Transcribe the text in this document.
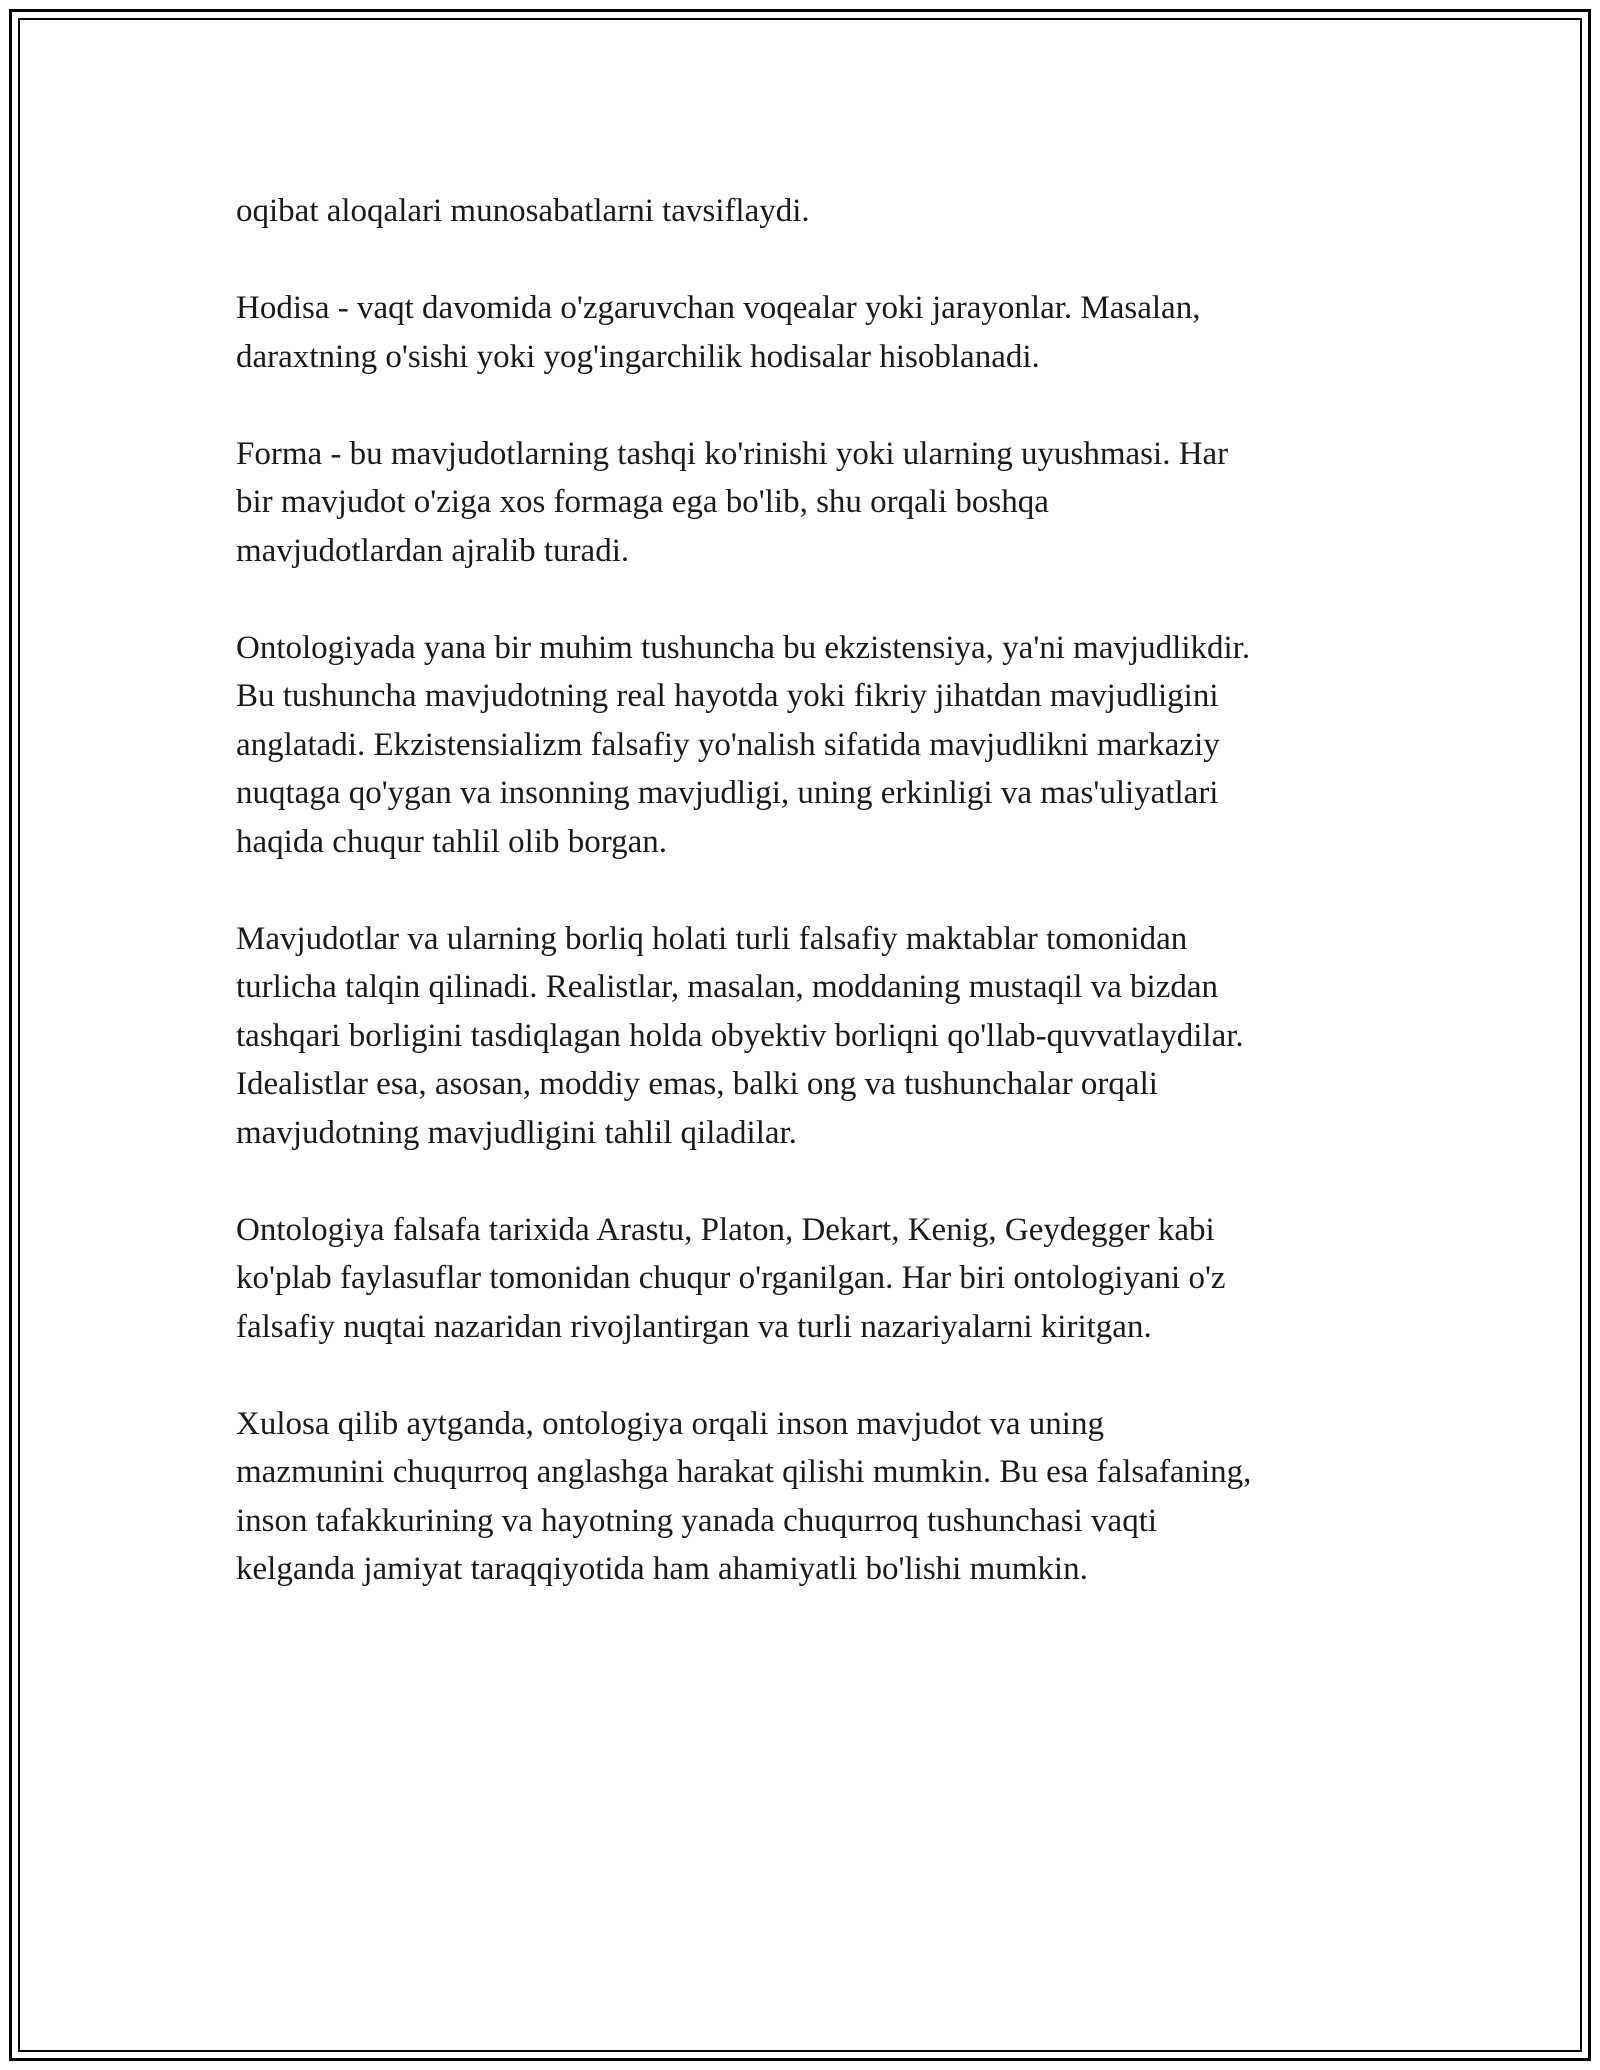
oqibat aloqalari munosabatlarni tavsiflaydi.

Hodisa - vaqt davomida o'zgaruvchan voqealar yoki jarayonlar. Masalan,
daraxtning o'sishi yoki yog'ingarchilik hodisalar hisoblanadi.

Forma - bu mavjudotlarning tashqi ko'rinishi yoki ularning uyushmasi. Har
bir mavjudot o'ziga xos formaga ega bo'lib, shu orqali boshqa
mavjudotlardan ajralib turadi.

Ontologiyada yana bir muhim tushuncha bu ekzistensiya, ya'ni mavjudlikdir.
Bu tushuncha mavjudotning real hayotda yoki fikriy jihatdan mavjudligini
anglatadi. Ekzistensializm falsafiy yo'nalish sifatida mavjudlikni markaziy
nuqtaga qo'ygan va insonning mavjudligi, uning erkinligi va mas'uliyatlari
haqida chuqur tahlil olib borgan.

Mavjudotlar va ularning borliq holati turli falsafiy maktablar tomonidan
turlicha talqin qilinadi. Realistlar, masalan, moddaning mustaqil va bizdan
tashqari borligini tasdiqlagan holda obyektiv borliqni qo'llab-quvvatlaydilar.
Idealistlar esa, asosan, moddiy emas, balki ong va tushunchalar orqali
mavjudotning mavjudligini tahlil qiladilar.

Ontologiya falsafa tarixida Arastu, Platon, Dekart, Kenig, Geydegger kabi
ko'plab faylasuflar tomonidan chuqur o'rganilgan. Har biri ontologiyani o'z
falsafiy nuqtai nazaridan rivojlantirgan va turli nazariyalarni kiritgan.

Xulosa qilib aytganda, ontologiya orqali inson mavjudot va uning
mazmunini chuqurroq anglashga harakat qilishi mumkin. Bu esa falsafaning,
inson tafakkurining va hayotning yanada chuqurroq tushunchasi vaqti
kelganda jamiyat taraqqiyotida ham ahamiyatli bo'lishi mumkin.
